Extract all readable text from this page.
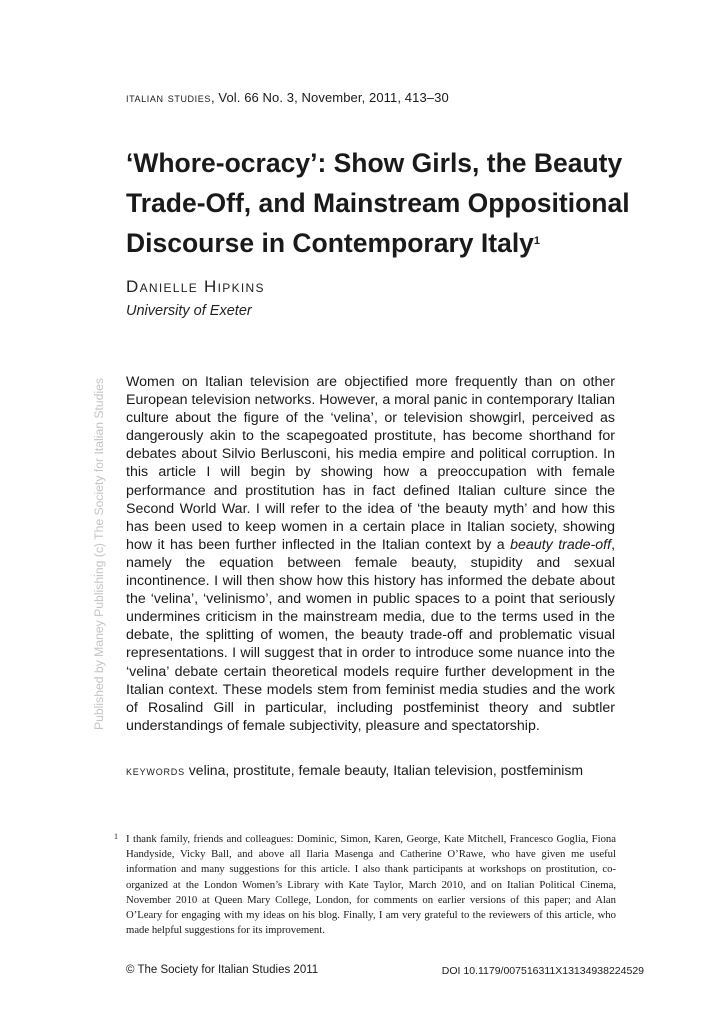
italian studies, Vol. 66 No. 3, November, 2011, 413–30
‘Whore-ocracy’: Show Girls, the Beauty Trade-Off, and Mainstream Oppositional Discourse in Contemporary Italy$^1$
Danielle Hipkins
University of Exeter
Published by Maney Publishing (c) The Society for Italian Studies Women on Italian television are objectified more frequently than on other European television networks. However, a moral panic in contemporary Italian culture about the figure of the ‘velina’, or television showgirl, perceived as dangerously akin to the scapegoated prostitute, has become shorthand for debates about Silvio Berlusconi, his media empire and political corruption. In this article I will begin by showing how a preoccupation with female performance and prostitution has in fact defined Italian culture since the Second World War. I will refer to the idea of ‘the beauty myth’ and how this has been used to keep women in a certain place in Italian society, showing how it has been further inflected in the Italian context by a beauty trade-off, namely the equation between female beauty, stupidity and sexual incontinence. I will then show how this history has informed the debate about the ‘velina’, ‘velinismo’, and women in public spaces to a point that seriously undermines criticism in the mainstream media, due to the terms used in the debate, the splitting of women, the beauty trade-off and problematic visual representations. I will suggest that in order to introduce some nuance into the ‘velina’ debate certain theoretical models require further development in the Italian context. These models stem from feminist media studies and the work of Rosalind Gill in particular, including postfeminist theory and subtler understandings of female subjectivity, pleasure and spectatorship.

keywords velina, prostitute, female beauty, Italian television, postfeminism
1 I thank family, friends and colleagues: Dominic, Simon, Karen, George, Kate Mitchell, Francesco Goglia, Fiona Handyside, Vicky Ball, and above all Ilaria Masenga and Catherine O’Rawe, who have given me useful information and many suggestions for this article. I also thank participants at workshops on prostitution, co-organized at the London Women’s Library with Kate Taylor, March 2010, and on Italian Political Cinema, November 2010 at Queen Mary College, London, for comments on earlier versions of this paper; and Alan O’Leary for engaging with my ideas on his blog. Finally, I am very grateful to the reviewers of this article, who made helpful suggestions for its improvement.
© The Society for Italian Studies 2011	DOI 10.1179/007516311X13134938224529
